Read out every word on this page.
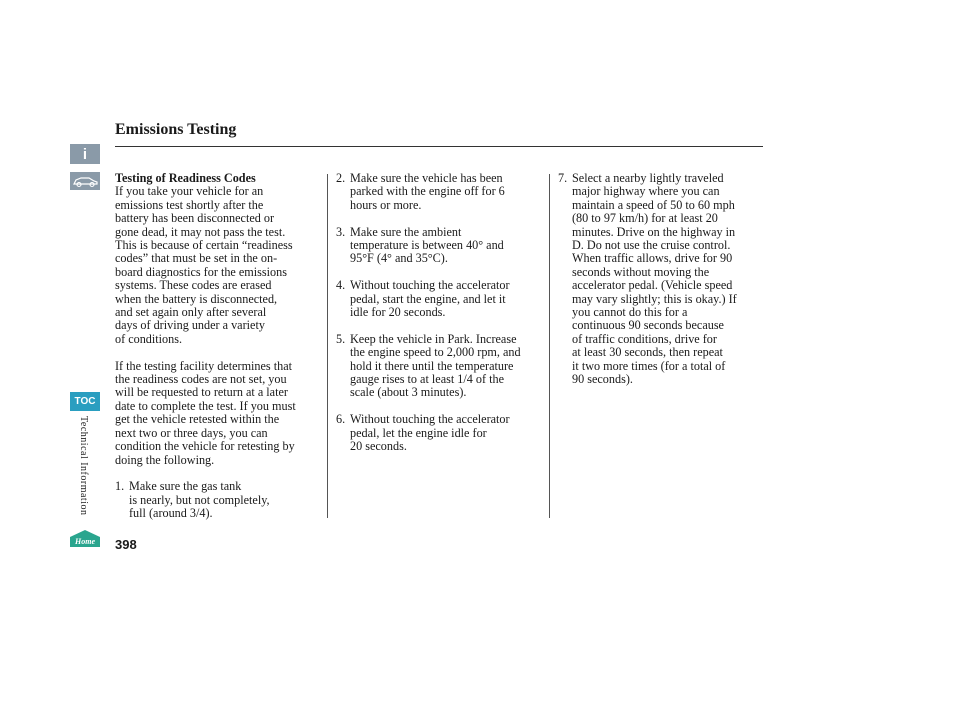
i
TOC
Technical Information
Home
Emissions Testing

Testing of Readiness Codes

If you take your vehicle for an
emissions test shortly after the
battery has been disconnected or
gone dead, it may not pass the test.
This is because of certain “readiness
codes” that must be set in the on-
board diagnostics for the emissions
systems. These codes are erased
when the battery is disconnected,
and set again only after several
days of driving under a variety
of conditions.

If the testing facility determines that
the readiness codes are not set, you
will be requested to return at a later
date to complete the test. If you must
get the vehicle retested within the
next two or three days, you can
condition the vehicle for retesting by
doing the following.

1. Make sure the gas tank
is nearly, but not completely,
full (around 3/4).
2. Make sure the vehicle has been
parked with the engine off for 6
hours or more.
3. Make sure the ambient
temperature is between 40° and
95°F (4° and 35°C).
4. Without touching the accelerator
pedal, start the engine, and let it
idle for 20 seconds.
5. Keep the vehicle in Park. Increase
the engine speed to 2,000 rpm, and
hold it there until the temperature
gauge rises to at least 1/4 of the
scale (about 3 minutes).
6. Without touching the accelerator
pedal, let the engine idle for
20 seconds.
7. Select a nearby lightly traveled
major highway where you can
maintain a speed of 50 to 60 mph
(80 to 97 km/h) for at least 20
minutes. Drive on the highway in
D. Do not use the cruise control.
When traffic allows, drive for 90
seconds without moving the
accelerator pedal. (Vehicle speed
may vary slightly; this is okay.) If
you cannot do this for a
continuous 90 seconds because
of traffic conditions, drive for
at least 30 seconds, then repeat
it two more times (for a total of
90 seconds).
398
